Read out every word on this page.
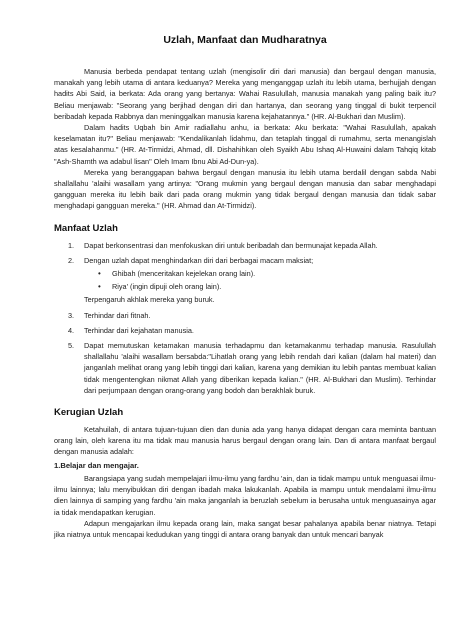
Uzlah, Manfaat dan Mudharatnya

Manusia berbeda pendapat tentang uzlah (mengisolir diri dari manusia) dan bergaul dengan manusia, manakah yang lebih utama di antara keduanya? Mereka yang menganggap uzlah itu lebih utama, berhujjah dengan hadits Abi Said, ia berkata: Ada orang yang bertanya: Wahai Rasulullah, manusia manakah yang paling baik itu? Beliau menjawab: "Seorang yang berjihad dengan diri dan hartanya, dan seorang yang tinggal di bukit terpencil beribadah kepada Rabbnya dan meninggalkan manusia karena kejahatannya." (HR. Al-Bukhari dan Muslim).

Dalam hadits Uqbah bin Amir radiallahu anhu, ia berkata: Aku berkata: "Wahai Rasulullah, apakah keselamatan itu?" Beliau menjawab: "Kendalikanlah lidahmu, dan tetaplah tinggal di rumahmu, serta menangislah atas kesalahanmu." (HR. At-Tirmidzi, Ahmad, dll. Dishahihkan oleh Syaikh Abu Ishaq Al-Huwaini dalam Tahqiq kitab "Ash-Shamth wa adabul lisan" Oleh Imam Ibnu Abi Ad-Dun-ya).

Mereka yang beranggapan bahwa bergaul dengan manusia itu lebih utama berdalil dengan sabda Nabi shallallahu 'alaihi wasallam yang artinya: "Orang mukmin yang bergaul dengan manusia dan sabar menghadapi gangguan mereka itu lebih baik dari pada orang mukmin yang tidak bergaul dengan manusia dan tidak sabar menghadapi gangguan mereka." (HR. Ahmad dan At-Tirmidzi).

Manfaat Uzlah
1.	Dapat berkonsentrasi dan menfokuskan diri untuk beribadah dan bermunajat kepada Allah.
2.	Dengan uzlah dapat menghindarkan diri dari berbagai macam maksiat;
•	Ghibah (menceritakan kejelekan orang lain).
•	Riya' (ingin dipuji oleh orang lain).
Terpengaruh akhlak mereka yang buruk.
3.	Terhindar dari fitnah.
4.	Terhindar dari kejahatan manusia.
5.	Dapat memutuskan ketamakan manusia terhadapmu dan ketamakanmu terhadap manusia. Rasulullah shallallahu 'alaihi wasallam bersabda:"Lihatlah orang yang lebih rendah dari kalian (dalam hal materi) dan janganlah melihat orang yang lebih tinggi dari kalian, karena yang demikian itu lebih pantas membuat kalian tidak mengentengkan nikmat Allah yang diberikan kepada kalian." (HR. Al-Bukhari dan Muslim). Terhindar dari perjumpaan dengan orang-orang yang bodoh dan berakhlak buruk.
Kerugian Uzlah

Ketahuilah, di antara tujuan-tujuan dien dan dunia ada yang hanya didapat dengan cara meminta bantuan orang lain, oleh karena itu ma tidak mau manusia harus bergaul dengan orang lain. Dan di antara manfaat bergaul dengan manusia adalah:

1.Belajar dan mengajar.

Barangsiapa yang sudah mempelajari ilmu-ilmu yang fardhu 'ain, dan ia tidak mampu untuk menguasai ilmu-ilmu lainnya; lalu menyibukkan diri dengan ibadah maka lakukanlah. Apabila ia mampu untuk mendalami ilmu-ilmu dien lainnya di samping yang fardhu 'ain maka janganlah ia beruzlah sebelum ia berusaha untuk menguasainya agar ia tidak mendapatkan kerugian.

Adapun mengajarkan ilmu kepada orang lain, maka sangat besar pahalanya apabila benar niatnya. Tetapi jika niatnya untuk mencapai kedudukan yang tinggi di antara orang banyak dan untuk mencari banyak
